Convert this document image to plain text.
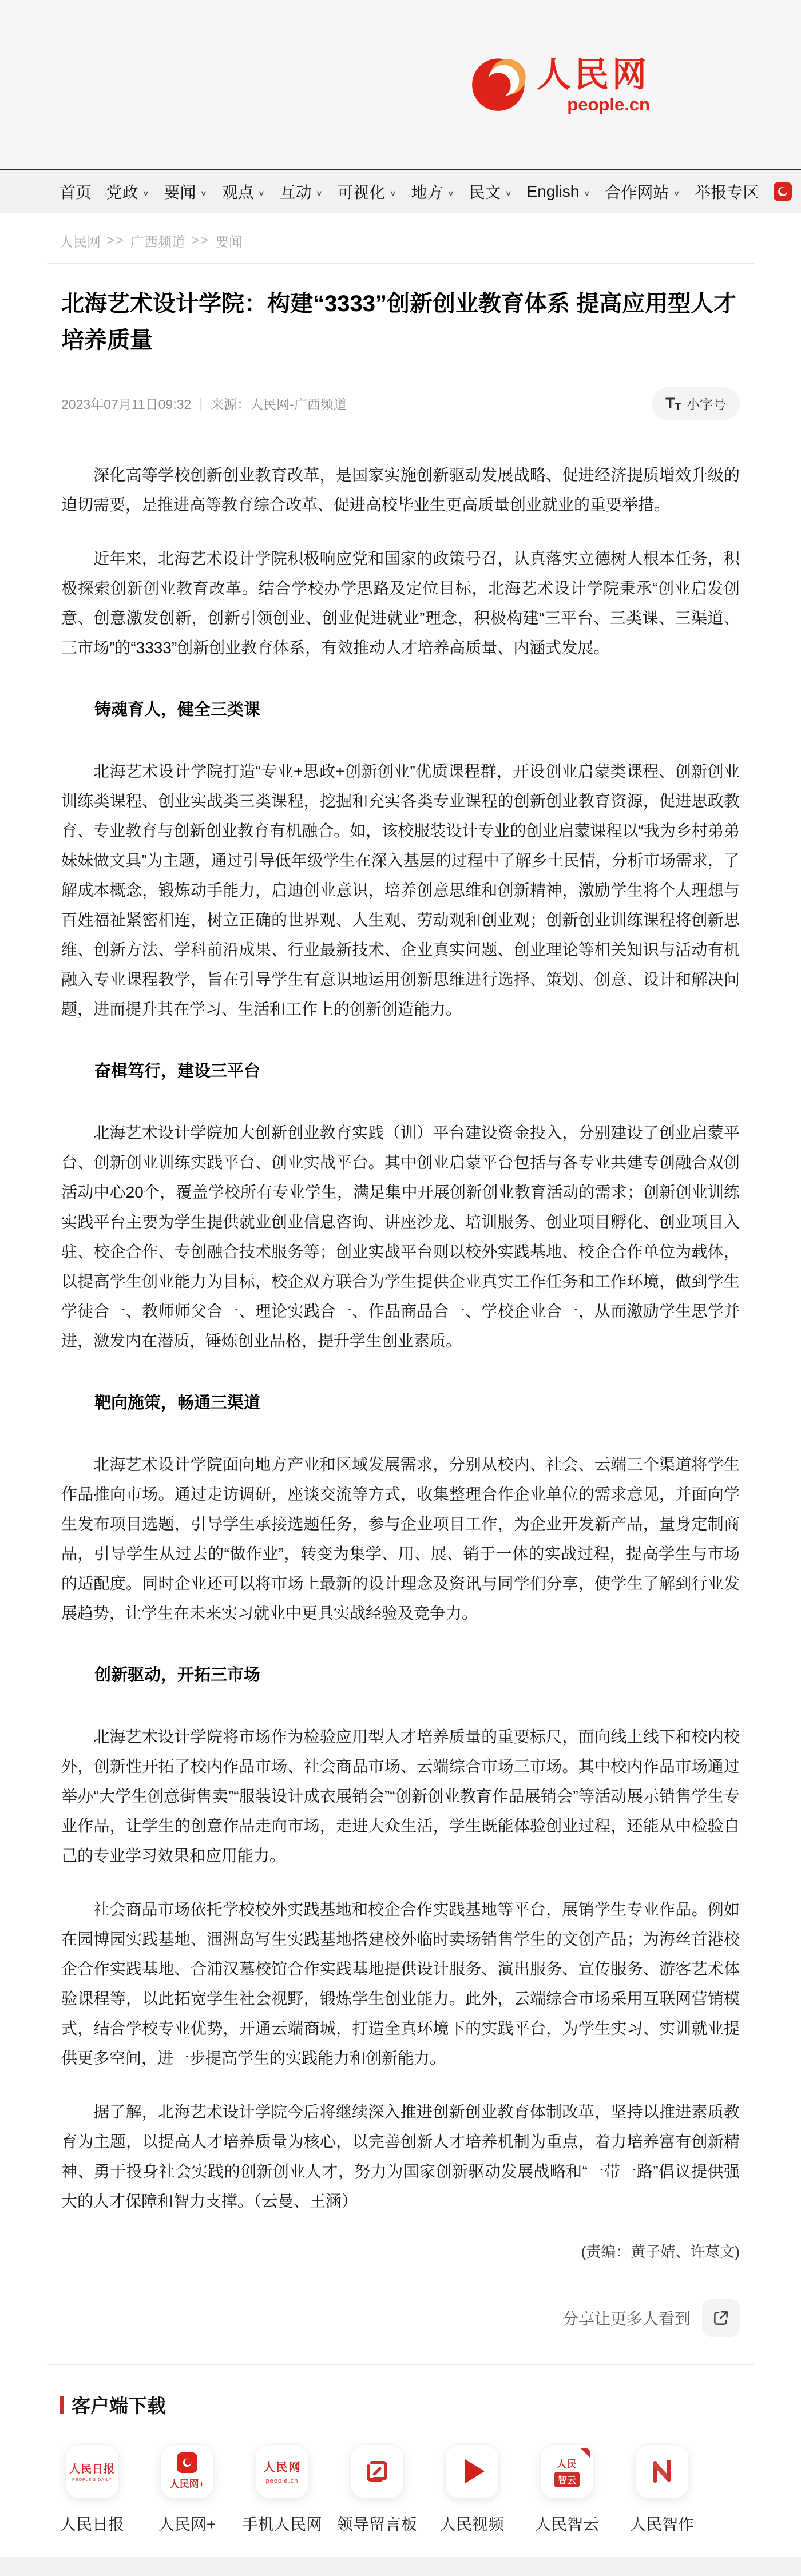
人民网
people.cn
首页 党政 ∨ 要闻 ∨ 观点 ∨ 互动 ∨ 可视化 ∨ 地方 ∨ 民文 ∨ English ∨ 合作网站 ∨ 举报专区
人民网 >> 广西频道 >> 要闻
北海艺术设计学院：构建“3333”创新创业教育体系 提高应用型人才培养质量
2023年07月11日09:32 | 来源：人民网-广西频道	T T 小字号

深化高等学校创新创业教育改革，是国家实施创新驱动发展战略、促进经济提质增效升级的迫切需要，是推进高等教育综合改革、促进高校毕业生更高质量创业就业的重要举措。

近年来，北海艺术设计学院积极响应党和国家的政策号召，认真落实立德树人根本任务，积极探索创新创业教育改革。结合学校办学思路及定位目标，北海艺术设计学院秉承“创业启发创意、创意激发创新，创新引领创业、创业促进就业”理念，积极构建“三平台、三类课、三渠道、三市场”的“3333”创新创业教育体系，有效推动人才培养高质量、内涵式发展。

铸魂育人，健全三类课

北海艺术设计学院打造“专业+思政+创新创业”优质课程群，开设创业启蒙类课程、创新创业训练类课程、创业实战类三类课程，挖掘和充实各类专业课程的创新创业教育资源，促进思政教育、专业教育与创新创业教育有机融合。如，该校服装设计专业的创业启蒙课程以“我为乡村弟弟妹妹做文具”为主题，通过引导低年级学生在深入基层的过程中了解乡土民情，分析市场需求，了解成本概念，锻炼动手能力，启迪创业意识，培养创意思维和创新精神，激励学生将个人理想与百姓福祉紧密相连，树立正确的世界观、人生观、劳动观和创业观；创新创业训练课程将创新思维、创新方法、学科前沿成果、行业最新技术、企业真实问题、创业理论等相关知识与活动有机融入专业课程教学，旨在引导学生有意识地运用创新思维进行选择、策划、创意、设计和解决问题，进而提升其在学习、生活和工作上的创新创造能力。

奋楫笃行，建设三平台

北海艺术设计学院加大创新创业教育实践（训）平台建设资金投入，分别建设了创业启蒙平台、创新创业训练实践平台、创业实战平台。其中创业启蒙平台包括与各专业共建专创融合双创活动中心20个，覆盖学校所有专业学生，满足集中开展创新创业教育活动的需求；创新创业训练实践平台主要为学生提供就业创业信息咨询、讲座沙龙、培训服务、创业项目孵化、创业项目入驻、校企合作、专创融合技术服务等；创业实战平台则以校外实践基地、校企合作单位为载体，以提高学生创业能力为目标，校企双方联合为学生提供企业真实工作任务和工作环境，做到学生学徒合一、教师师父合一、理论实践合一、作品商品合一、学校企业合一，从而激励学生思学并进，激发内在潜质，锤炼创业品格，提升学生创业素质。

靶向施策，畅通三渠道

北海艺术设计学院面向地方产业和区域发展需求，分别从校内、社会、云端三个渠道将学生作品推向市场。通过走访调研，座谈交流等方式，收集整理合作企业单位的需求意见，并面向学生发布项目选题，引导学生承接选题任务，参与企业项目工作，为企业开发新产品，量身定制商品，引导学生从过去的“做作业”，转变为集学、用、展、销于一体的实战过程，提高学生与市场的适配度。同时企业还可以将市场上最新的设计理念及资讯与同学们分享，使学生了解到行业发展趋势，让学生在未来实习就业中更具实战经验及竞争力。

创新驱动，开拓三市场

北海艺术设计学院将市场作为检验应用型人才培养质量的重要标尺，面向线上线下和校内校外，创新性开拓了校内作品市场、社会商品市场、云端综合市场三市场。其中校内作品市场通过举办“大学生创意街售卖”“服装设计成衣展销会”“创新创业教育作品展销会”等活动展示销售学生专业作品，让学生的创意作品走向市场，走进大众生活，学生既能体验创业过程，还能从中检验自己的专业学习效果和应用能力。

社会商品市场依托学校校外实践基地和校企合作实践基地等平台，展销学生专业作品。例如在园博园实践基地、涠洲岛写生实践基地搭建校外临时卖场销售学生的文创产品；为海丝首港校企合作实践基地、合浦汉墓校馆合作实践基地提供设计服务、演出服务、宣传服务、游客艺术体验课程等，以此拓宽学生社会视野，锻炼学生创业能力。此外，云端综合市场采用互联网营销模式，结合学校专业优势，开通云端商城，打造全真环境下的实践平台，为学生实习、实训就业提供更多空间，进一步提高学生的实践能力和创新能力。

据了解，北海艺术设计学院今后将继续深入推进创新创业教育体制改革，坚持以推进素质教育为主题，以提高人才培养质量为核心，以完善创新人才培养机制为重点，着力培养富有创新精神、勇于投身社会实践的创新创业人才，努力为国家创新驱动发展战略和“一带一路”倡议提供强大的人才保障和智力支撑。（云曼、王涵）

(责编：黄子婧、许荩文)
分享让更多人看到
客户端下载
人民日报
PEOPLE'S DAILY
人民日报
人民网+
人民网+
人民网
people.cn
手机人民网 领导留言板 人民视频
人民
智云
人民智云 人民智作
